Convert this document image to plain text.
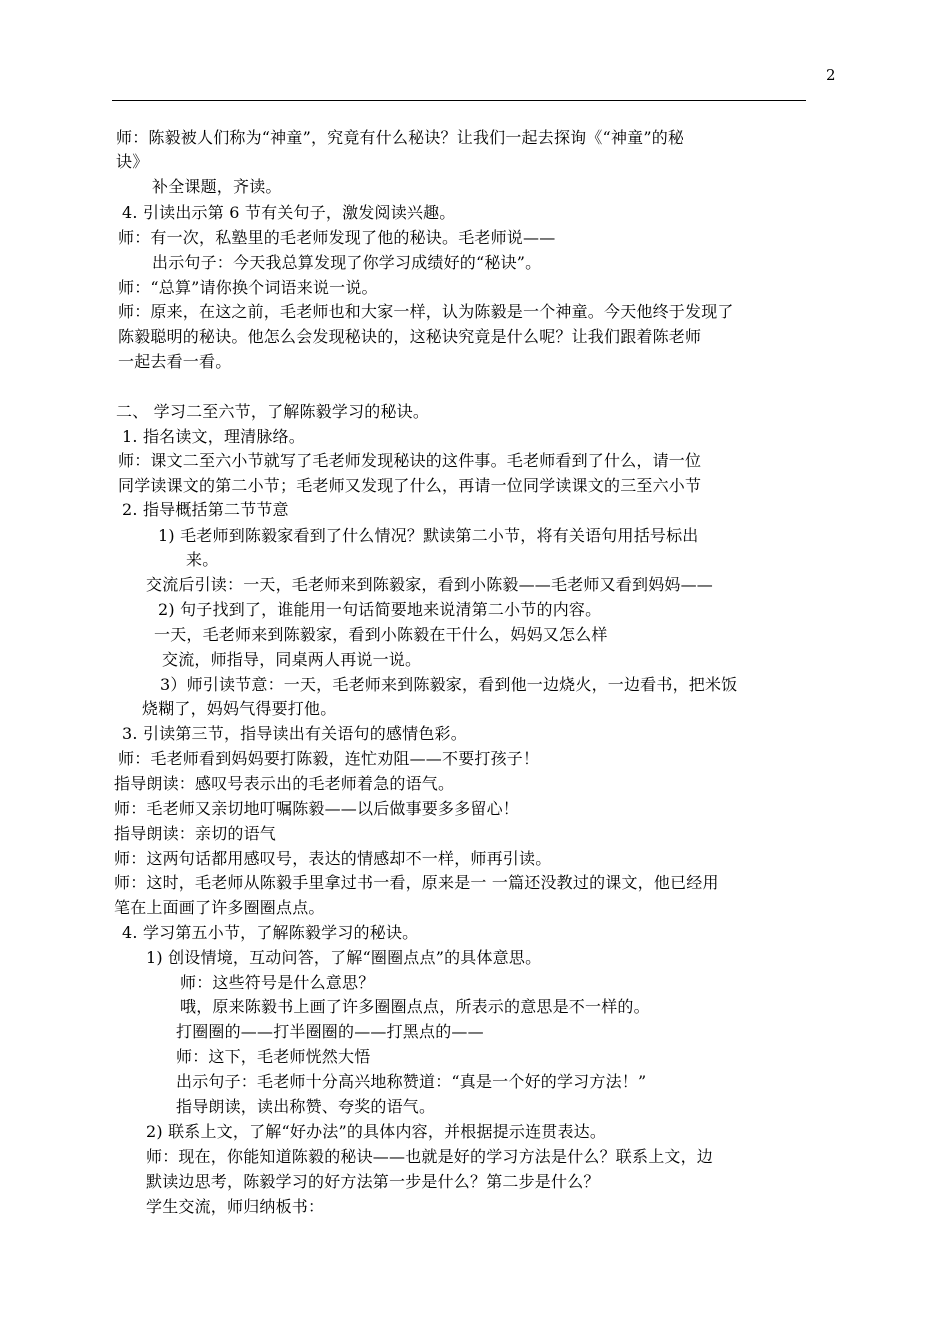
2
师：陈毅被人们称为“神童”，究竟有什么秘诀？让我们一起去探询《“神童”的秘
诀》
补全课题，齐读。
4. 引读出示第 6 节有关句子，激发阅读兴趣。
师：有一次，私塾里的毛老师发现了他的秘诀。毛老师说——
出示句子：今天我总算发现了你学习成绩好的“秘诀”。
师：“总算”请你换个词语来说一说。
师：原来，在这之前，毛老师也和大家一样，认为陈毅是一个神童。今天他终于发现了
陈毅聪明的秘诀。他怎么会发现秘诀的，这秘诀究竟是什么呢？让我们跟着陈老师
一起去看一看。
二、 学习二至六节，了解陈毅学习的秘诀。
1. 指名读文，理清脉络。
师：课文二至六小节就写了毛老师发现秘诀的这件事。毛老师看到了什么，请一位
同学读课文的第二小节；毛老师又发现了什么，再请一位同学读课文的三至六小节
2. 指导概括第二节节意
1) 毛老师到陈毅家看到了什么情况？默读第二小节，将有关语句用括号标出
来。
交流后引读：一天，毛老师来到陈毅家，看到小陈毅——毛老师又看到妈妈——
2) 句子找到了，谁能用一句话简要地来说清第二小节的内容。
一天，毛老师来到陈毅家，看到小陈毅在干什么，妈妈又怎么样
交流，师指导，同桌两人再说一说。
3）师引读节意：一天，毛老师来到陈毅家，看到他一边烧火，一边看书，把米饭
烧糊了，妈妈气得要打他。
3. 引读第三节，指导读出有关语句的感情色彩。
师：毛老师看到妈妈要打陈毅，连忙劝阻——不要打孩子！
指导朗读：感叹号表示出的毛老师着急的语气。
师：毛老师又亲切地叮嘱陈毅——以后做事要多多留心！
指导朗读：亲切的语气
师：这两句话都用感叹号，表达的情感却不一样，师再引读。
师：这时，毛老师从陈毅手里拿过书一看，原来是一 一篇还没教过的课文，他已经用
笔在上面画了许多圈圈点点。
4. 学习第五小节，了解陈毅学习的秘诀。
1) 创设情境，互动问答，了解“圈圈点点”的具体意思。
师：这些符号是什么意思？
哦，原来陈毅书上画了许多圈圈点点，所表示的意思是不一样的。
打圈圈的——打半圈圈的——打黑点的——
师：这下，毛老师恍然大悟
出示句子：毛老师十分高兴地称赞道：“真是一个好的学习方法！”
指导朗读，读出称赞、夸奖的语气。
2) 联系上文，了解“好办法”的具体内容，并根据提示连贯表达。
师：现在，你能知道陈毅的秘诀——也就是好的学习方法是什么？联系上文，边
默读边思考，陈毅学习的好方法第一步是什么？第二步是什么？
学生交流，师归纳板书：
